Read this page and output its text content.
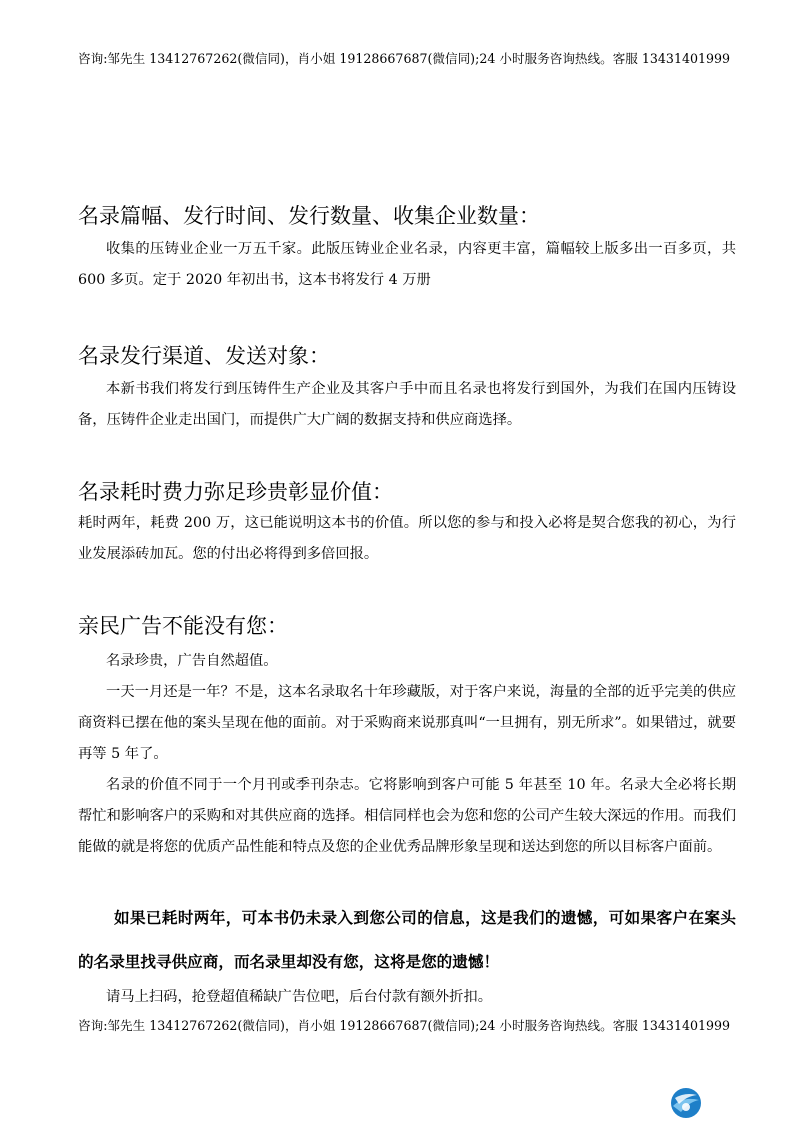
咨询:邹先生 13412767262(微信同)，肖小姐 19128667687(微信同);24 小时服务咨询热线。客服 13431401999
名录篇幅、发行时间、发行数量、收集企业数量：

收集的压铸业企业一万五千家。此版压铸业企业名录，内容更丰富，篇幅较上版多出一百多页，共 600 多页。定于 2020 年初出书，这本书将发行 4 万册

名录发行渠道、发送对象：

本新书我们将发行到压铸件生产企业及其客户手中而且名录也将发行到国外，为我们在国内压铸设备，压铸件企业走出国门，而提供广大广阔的数据支持和供应商选择。

名录耗时费力弥足珍贵彰显价值：

耗时两年，耗费 200 万，这已能说明这本书的价值。所以您的参与和投入必将是契合您我的初心，为行业发展添砖加瓦。您的付出必将得到多倍回报。

亲民广告不能没有您：

名录珍贵，广告自然超值。

一天一月还是一年？不是，这本名录取名十年珍藏版，对于客户来说，海量的全部的近乎完美的供应商资料已摆在他的案头呈现在他的面前。对于采购商来说那真叫“一旦拥有，别无所求”。如果错过，就要再等 5 年了。

名录的价值不同于一个月刊或季刊杂志。它将影响到客户可能 5 年甚至 10 年。名录大全必将长期帮忙和影响客户的采购和对其供应商的选择。相信同样也会为您和您的公司产生较大深远的作用。而我们能做的就是将您的优质产品性能和特点及您的企业优秀品牌形象呈现和送达到您的所以目标客户面前。

如果已耗时两年，可本书仍未录入到您公司的信息，这是我们的遗憾，可如果客户在案头的名录里找寻供应商，而名录里却没有您，这将是您的遗憾！

请马上扫码，抢登超值稀缺广告位吧，后台付款有额外折扣。

咨询:邹先生 13412767262(微信同)，肖小姐 19128667687(微信同);24 小时服务咨询热线。客服 13431401999
